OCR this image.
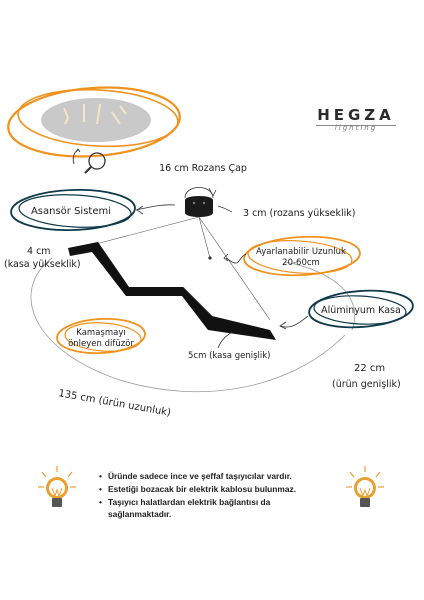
16 cm Rozans Çap
3 cm (rozans yükseklik)
Asansör Sistemi
4 cm
(kasa yükseklik)
Ayarlanabilir Uzunluk
20-60cm
Alüminyum Kasa
Kamaşmayı
önleyen difüzör
5cm (kasa genişlik)
22 cm
(ürün genişlik)
135 cm (ürün uzunluk)
HEGZA
lighting
• Üründe sadece ince ve şeffaf taşıyıcılar vardır.
• Estetiği bozacak bir elektrik kablosu bulunmaz.
• Taşıyıcı halatlardan elektrik bağlantısı da sağlanmaktadır.
